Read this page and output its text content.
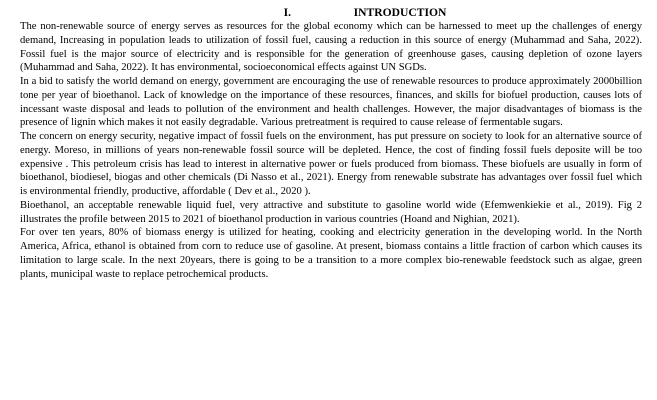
I.	INTRODUCTION

The non-renewable source of energy serves as resources for the global economy which can be harnessed to meet up the challenges of energy demand, Increasing in population leads to utilization of fossil fuel, causing a reduction in this source of energy (Muhammad and Saha, 2022). Fossil fuel is the major source of electricity and is responsible for the generation of greenhouse gases, causing depletion of ozone layers (Muhammad and Saha, 2022). It has environmental, socioeconomical effects against UN SGDs.

In a bid to satisfy the world demand on energy, government are encouraging the use of renewable resources to produce approximately 2000billion tone per year of bioethanol. Lack of knowledge on the importance of these resources, finances, and skills for biofuel production, causes lots of incessant waste disposal and leads to pollution of the environment and health challenges. However, the major disadvantages of biomass is the presence of lignin which makes it not easily degradable. Various pretreatment is required to cause release of fermentable sugars.

The concern on energy security, negative impact of fossil fuels on the environment, has put pressure on society to look for an alternative source of energy. Moreso, in millions of years non-renewable fossil source will be depleted. Hence, the cost of finding fossil fuels deposite will be too expensive . This petroleum crisis has lead to interest in alternative power or fuels produced from biomass. These biofuels are usually in form of bioethanol, biodiesel, biogas and other chemicals (Di Nasso et al., 2021). Energy from renewable substrate has advantages over fossil fuel which is environmental friendly, productive, affordable ( Dev et al., 2020 ).

Bioethanol, an acceptable renewable liquid fuel, very attractive and substitute to gasoline world wide (Efemwenkiekie et al., 2019). Fig 2 illustrates the profile between 2015 to 2021 of bioethanol production in various countries (Hoand and Nighian, 2021).

For over ten years, 80% of biomass energy is utilized for heating, cooking and electricity generation in the developing world. In the North America, Africa, ethanol is obtained from corn to reduce use of gasoline. At present, biomass contains a little fraction of carbon which causes its limitation to large scale. In the next 20years, there is going to be a transition to a more complex bio-renewable feedstock such as algae, green plants, municipal waste to replace petrochemical products.
